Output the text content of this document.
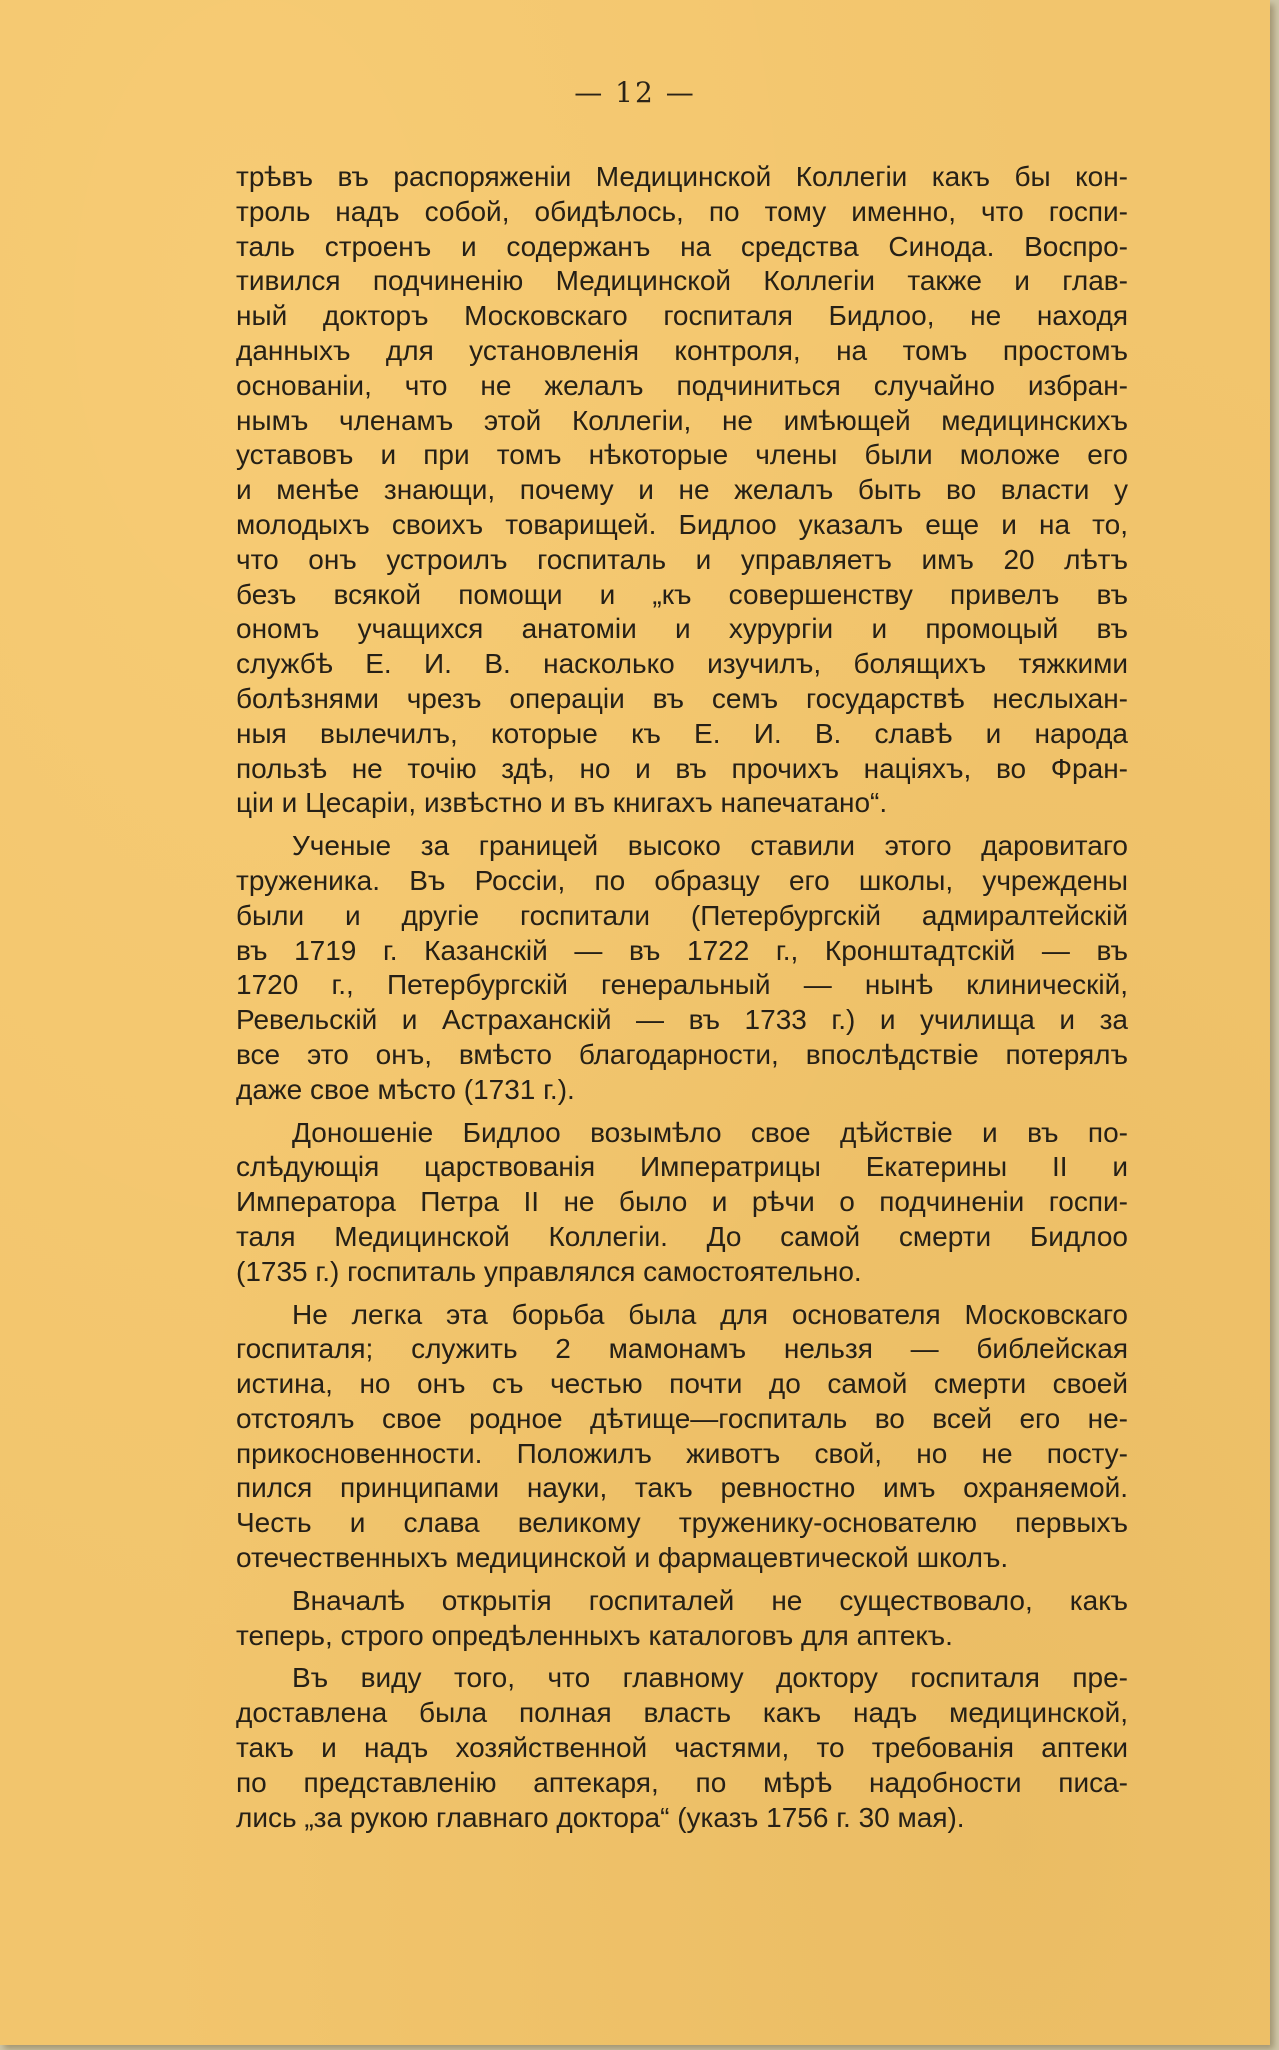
— 12 —
трѣвъ въ распоряженіи Медицинской Коллегіи какъ бы кон-
троль надъ собой, обидѣлось, по тому именно, что госпи-
таль строенъ и содержанъ на средства Синода. Воспро-
тивился подчиненію Медицинской Коллегіи также и глав-
ный докторъ Московскаго госпиталя Бидлоо, не находя
данныхъ для установленія контроля, на томъ простомъ
основаніи, что не желалъ подчиниться случайно избран-
нымъ членамъ этой Коллегіи, не имѣющей медицинскихъ
уставовъ и при томъ нѣкоторые члены были моложе его
и менѣе знающи, почему и не желалъ быть во власти у
молодыхъ своихъ товарищей. Бидлоо указалъ еще и на то,
что онъ устроилъ госпиталь и управляетъ имъ 20 лѣтъ
безъ всякой помощи и „къ совершенству привелъ въ
ономъ учащихся анатоміи и хурургіи и промоцый въ
службѣ Е. И. В. насколько изучилъ, болящихъ тяжкими
болѣзнями чрезъ операціи въ семъ государствѣ неслыхан-
ныя вылечилъ, которые къ Е. И. В. славѣ и народа
пользѣ не точію здѣ, но и въ прочихъ націяхъ, во Фран-
ціи и Цесаріи, извѣстно и въ книгахъ напечатано“.
Ученые за границей высоко ставили этого даровитаго
труженика. Въ Россіи, по образцу его школы, учреждены
были и другіе госпитали (Петербургскій адмиралтейскій
въ 1719 г. Казанскій — въ 1722 г., Кронштадтскій — въ
1720 г., Петербургскій генеральный — нынѣ клиническій,
Ревельскій и Астраханскій — въ 1733 г.) и училища и за
все это онъ, вмѣсто благодарности, впослѣдствіе потерялъ
даже свое мѣсто (1731 г.).
Доношеніе Бидлоо возымѣло свое дѣйствіе и въ по-
слѣдующія царствованія Императрицы Екатерины II и
Императора Петра II не было и рѣчи о подчиненіи госпи-
таля Медицинской Коллегіи. До самой смерти Бидлоо
(1735 г.) госпиталь управлялся самостоятельно.
Не легка эта борьба была для основателя Московскаго
госпиталя; служить 2 мамонамъ нельзя — библейская
истина, но онъ съ честью почти до самой смерти своей
отстоялъ свое родное дѣтище—госпиталь во всей его не-
прикосновенности. Положилъ животъ свой, но не посту-
пился принципами науки, такъ ревностно имъ охраняемой.
Честь и слава великому труженику-основателю первыхъ
отечественныхъ медицинской и фармацевтической школъ.
Вначалѣ открытія госпиталей не существовало, какъ
теперь, строго опредѣленныхъ каталоговъ для аптекъ.
Въ виду того, что главному доктору госпиталя пре-
доставлена была полная власть какъ надъ медицинской,
такъ и надъ хозяйственной частями, то требованія аптеки
по представленію аптекаря, по мѣрѣ надобности писа-
лись „за рукою главнаго доктора“ (указъ 1756 г. 30 мая).
